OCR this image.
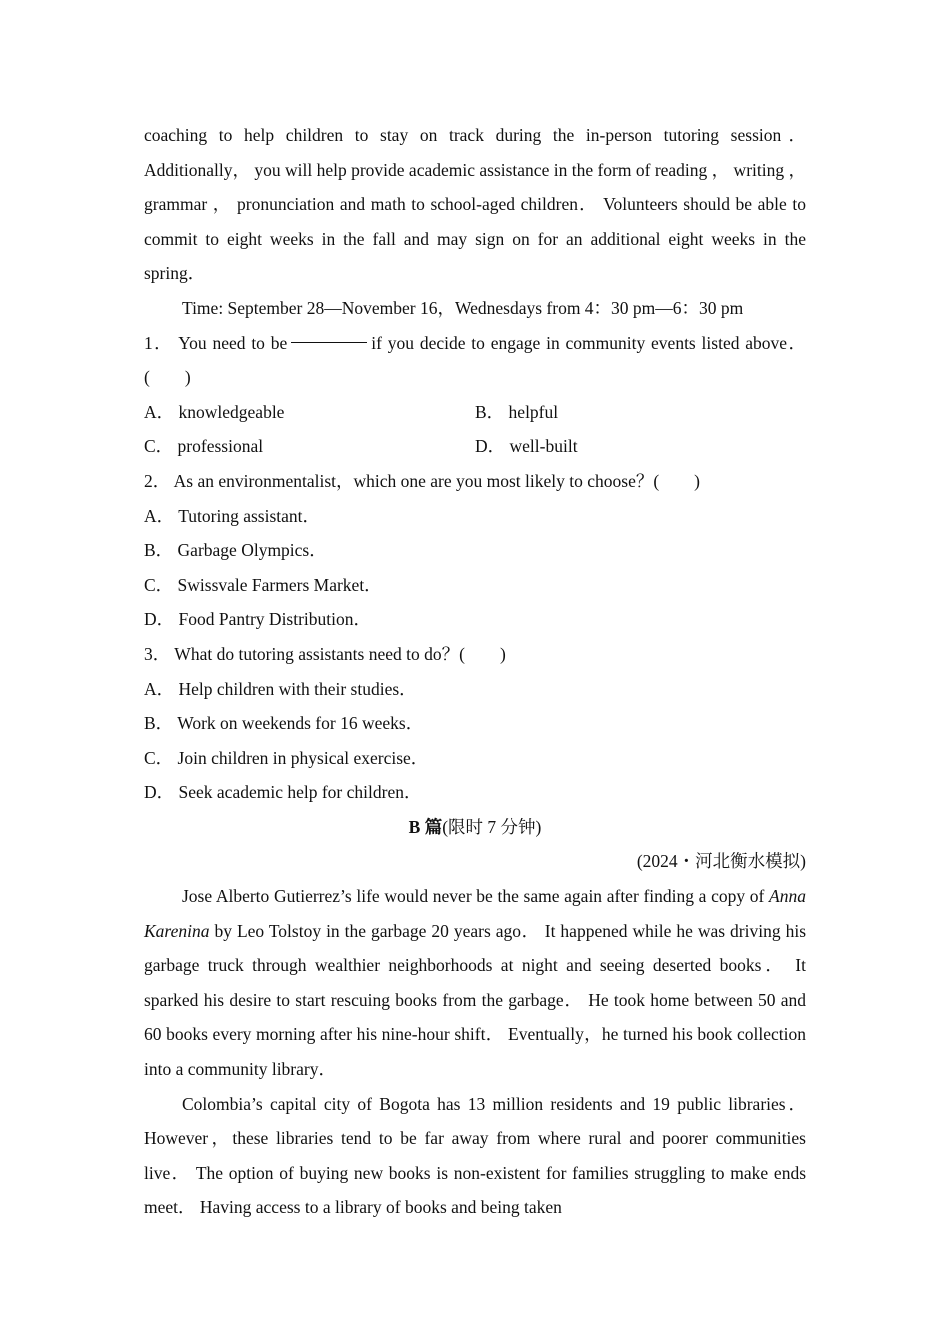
coaching to help children to stay on track during the in-person tutoring session． Additionally， you will help provide academic assistance in the form of reading ， writing ， grammar ， pronunciation and math to school-aged children． Volunteers should be able to commit to eight weeks in the fall and may sign on for an additional eight weeks in the spring．
Time: September 28—November 16，Wednesdays from 4：30 pm—6：30 pm
1． You need to be	if you decide to engage in community events listed above．(　　)
A． knowledgeable	B． helpful
C． professional	D． well-built
2． As an environmentalist，which one are you most likely to choose？(　　)
A． Tutoring assistant．
B． Garbage Olympics．
C． Swissvale Farmers Market．
D． Food Pantry Distribution．
3． What do tutoring assistants need to do？(　　)
A． Help children with their studies．
B． Work on weekends for 16 weeks．
C． Join children in physical exercise．
D． Seek academic help for children．
B 篇(限时 7 分钟)
(2024・河北衡水模拟)
Jose Alberto Gutierrez’s life would never be the same again after finding a copy of Anna Karenina by Leo Tolstoy in the garbage 20 years ago． It happened while he was driving his garbage truck through wealthier neighborhoods at night and seeing deserted books． It sparked his desire to start rescuing books from the garbage． He took home between 50 and 60 books every morning after his nine-hour shift． Eventually，he turned his book collection into a community library．
Colombia’s capital city of Bogota has 13 million residents and 19 public libraries． However，these libraries tend to be far away from where rural and poorer communities live． The option of buying new books is non-existent for families struggling to make ends meet． Having access to a library of books and being taken
